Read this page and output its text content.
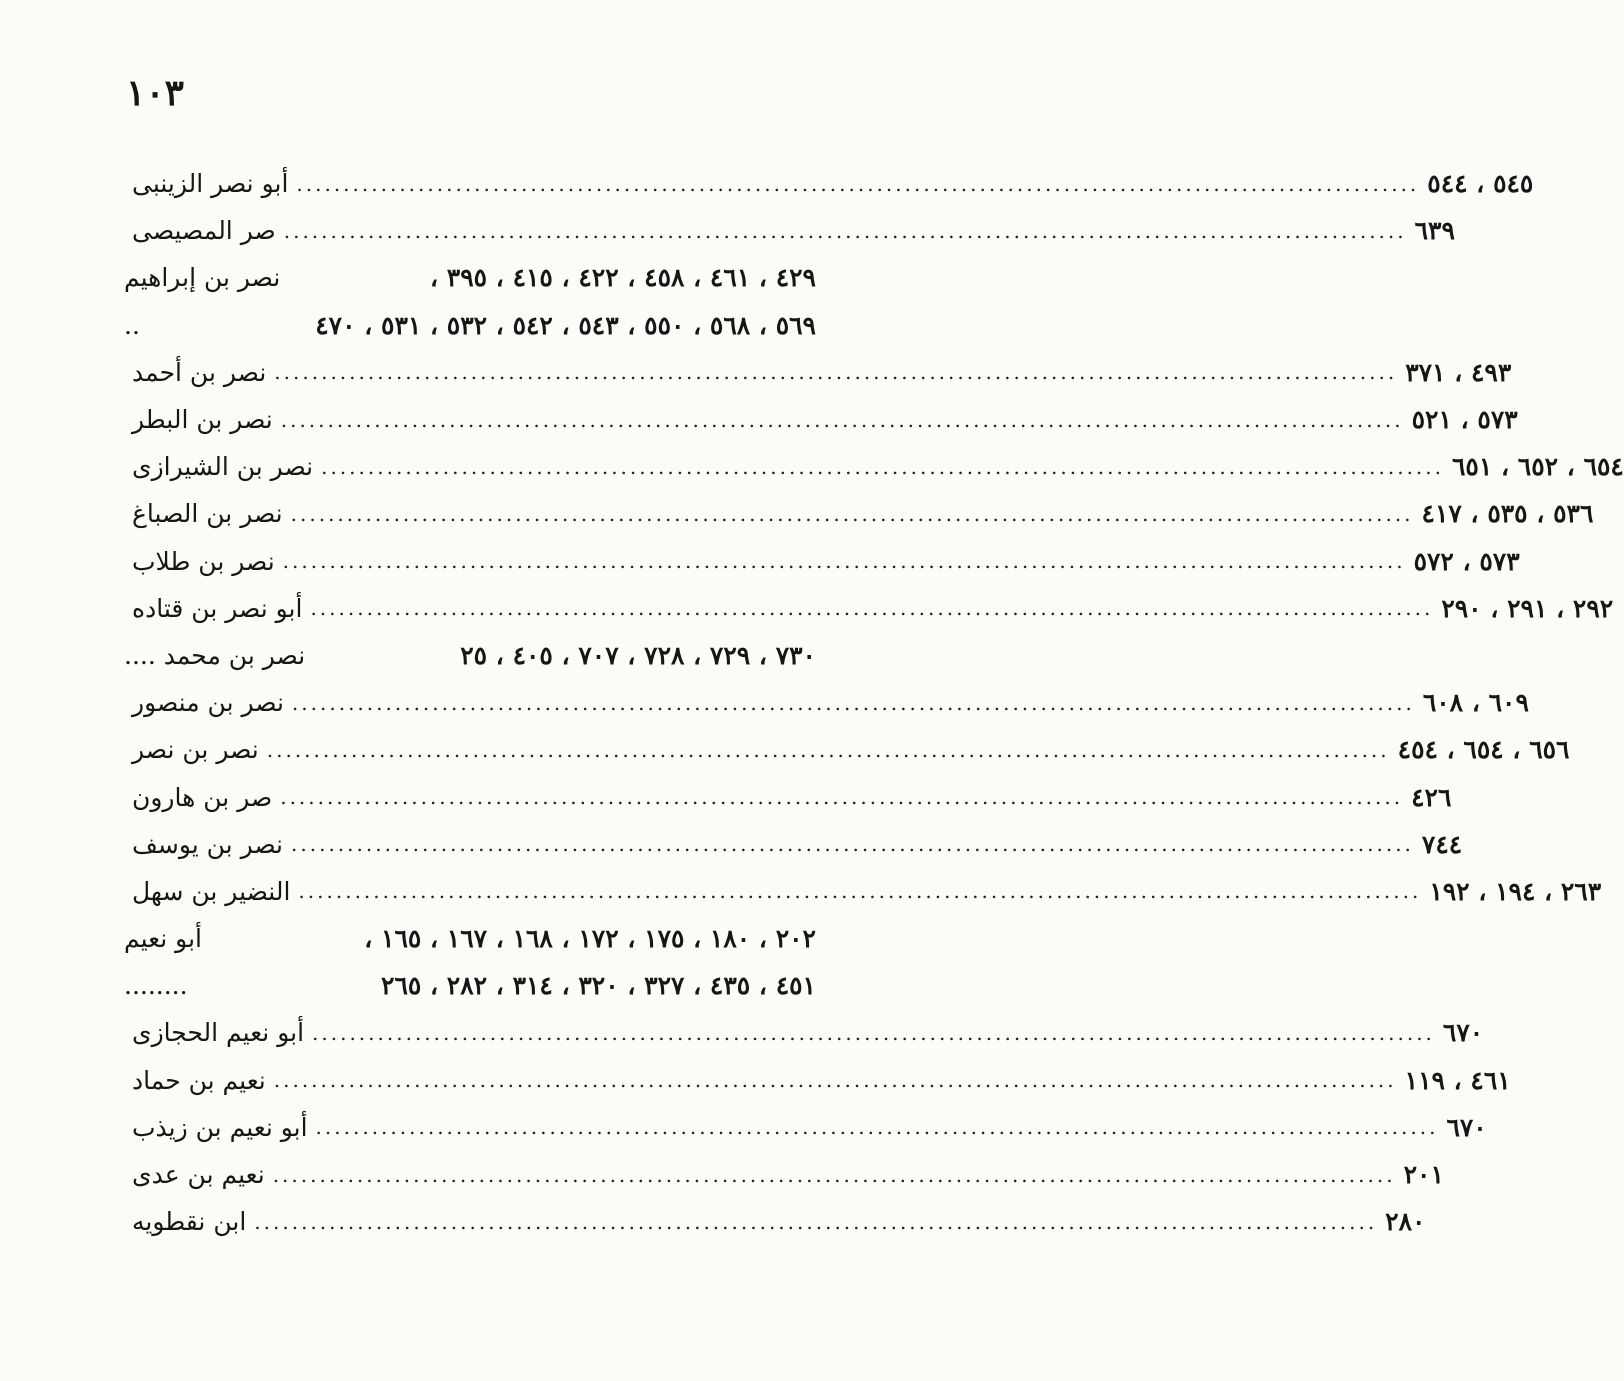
١٠٣
أبو نصر الزينبى ........................................................................................................................ ٥٤٥ ، ٥٤٤
صر المصيصى ........................................................................................................................ ٦٣٩
نصر بن إبراهيم	٤٢٩ ، ٤٦١ ، ٤٥٨ ، ٤٢٢ ، ٤١٥ ، ٣٩٥ ،
..	٥٦٩ ، ٥٦٨ ، ٥٥٠ ، ٥٤٣ ، ٥٤٢ ، ٥٣٢ ، ٥٣١ ، ٤٧٠
نصر بن أحمد ........................................................................................................................ ٤٩٣ ، ٣٧١
نصر بن البطر ........................................................................................................................ ٥٧٣ ، ٥٢١
نصر بن الشيرازى ........................................................................................................................ ٦٥٤ ، ٦٥٢ ، ٦٥١
نصر بن الصباغ ........................................................................................................................ ٥٣٦ ، ٥٣٥ ، ٤١٧
نصر بن طلاب ........................................................................................................................ ٥٧٣ ، ٥٧٢
أبو نصر بن قتاده ........................................................................................................................ ٢٩٢ ، ٢٩١ ، ٢٩٠
نصر بن محمد ....	٧٣٠ ، ٧٢٩ ، ٧٢٨ ، ٧٠٧ ، ٤٠٥ ، ٢٥
نصر بن منصور ........................................................................................................................ ٦٠٩ ، ٦٠٨
نصر بن نصر ........................................................................................................................ ٦٥٦ ، ٦٥٤ ، ٤٥٤
صر بن هارون ........................................................................................................................ ٤٢٦
نصر بن يوسف ........................................................................................................................ ٧٤٤
النضير بن سهل ........................................................................................................................ ٢٦٣ ، ١٩٤ ، ١٩٢
أبو نعيم	٢٠٢ ، ١٨٠ ، ١٧٥ ، ١٧٢ ، ١٦٨ ، ١٦٧ ، ١٦٥ ،
........	٤٥١ ، ٤٣٥ ، ٣٢٧ ، ٣٢٠ ، ٣١٤ ، ٢٨٢ ، ٢٦٥
أبو نعيم الحجازى ........................................................................................................................ ٦٧٠
نعيم بن حماد ........................................................................................................................ ٤٦١ ، ١١٩
أبو نعيم بن زيذب ........................................................................................................................ ٦٧٠
نعيم بن عدى ........................................................................................................................ ٢٠١
ابن نقطويه ........................................................................................................................ ٢٨٠
